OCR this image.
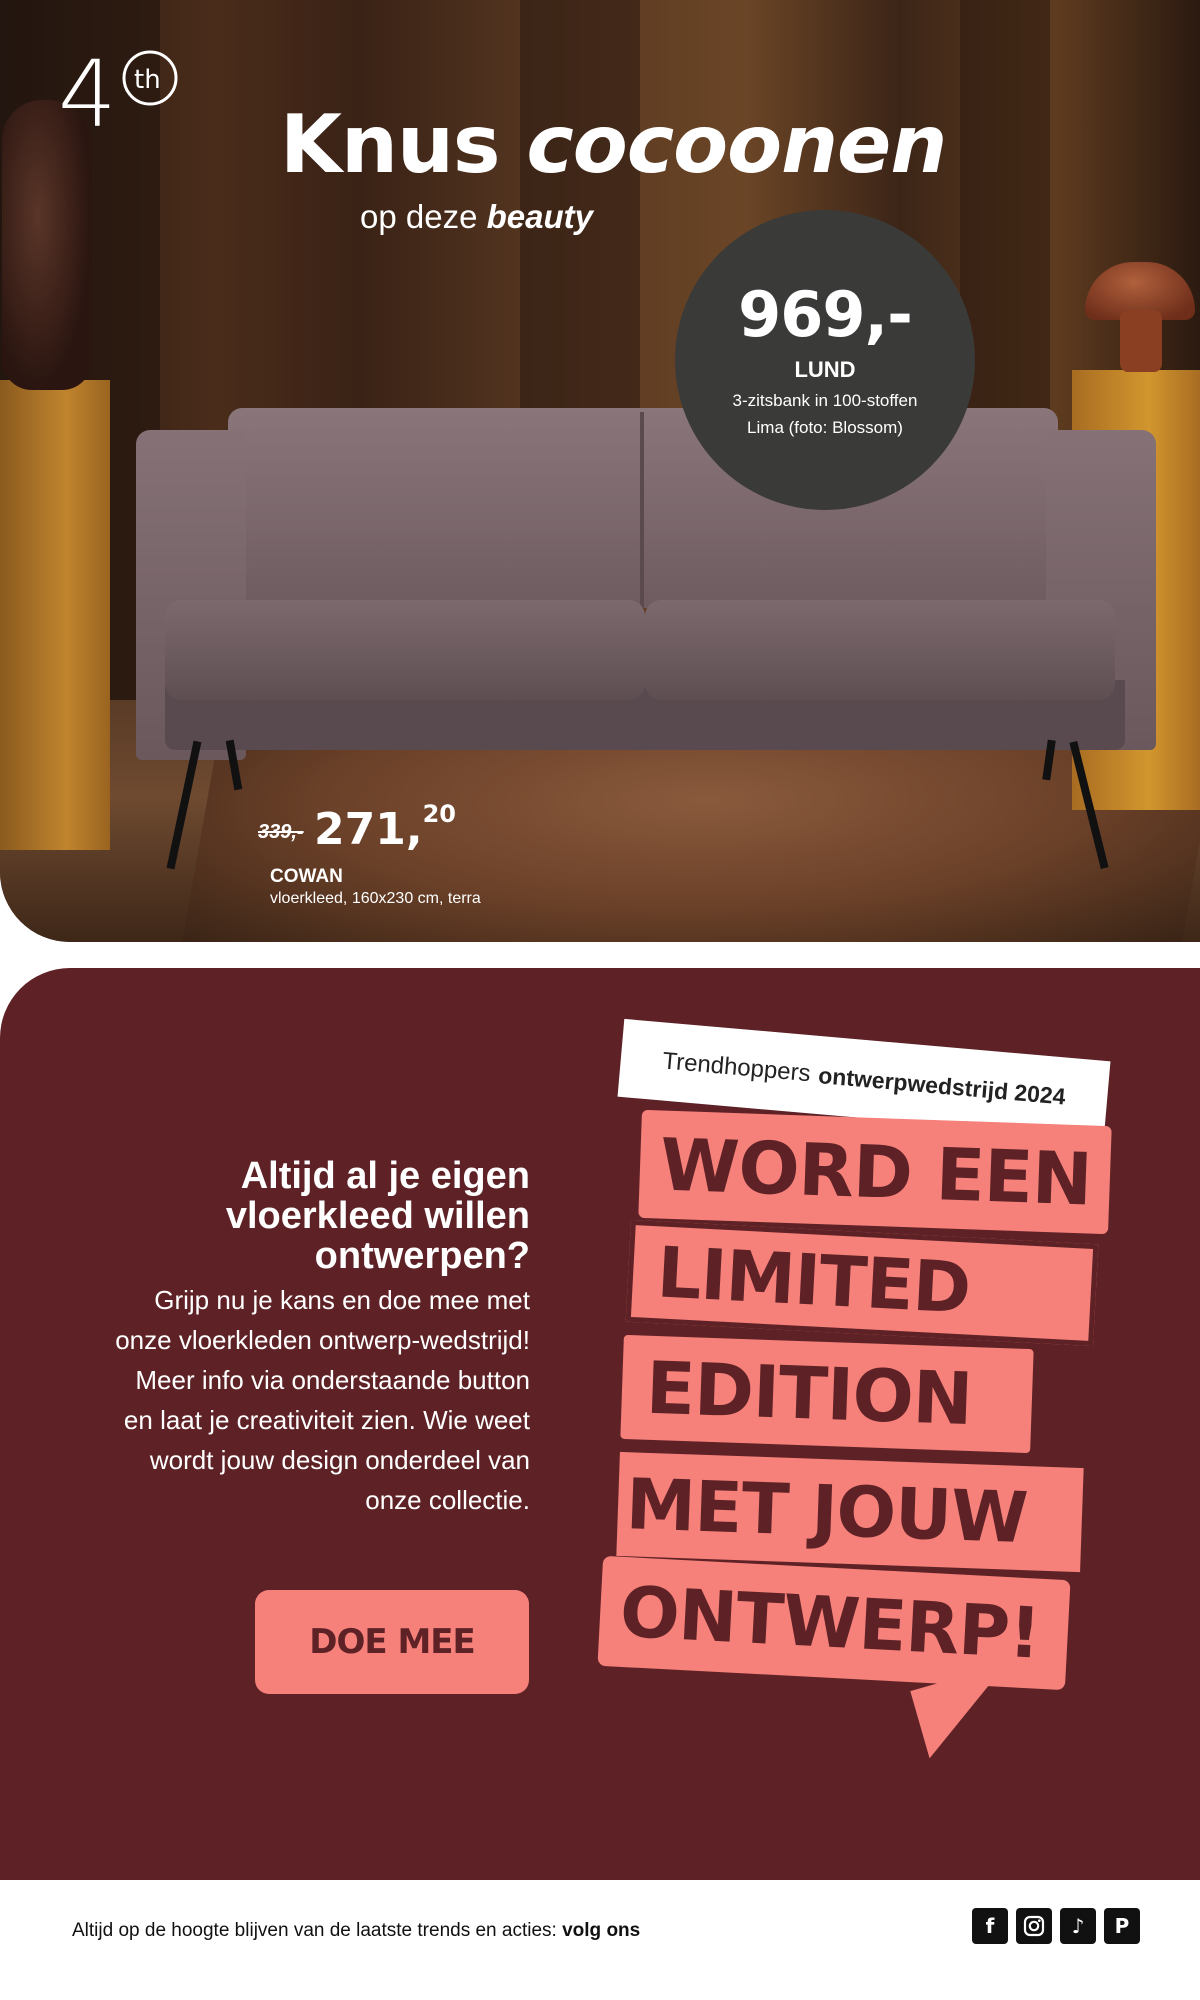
4 th
Knus cocoonen
op deze beauty
969,-
LUND
3-zitsbank in 100-stoffen
Lima (foto: Blossom)
339,- 271,20
COWAN
vloerkleed, 160x230 cm, terra
Altijd al je eigen vloerkleed willen ontwerpen?
Grijp nu je kans en doe mee met onze vloerkleden ontwerp-wedstrijd! Meer info via onderstaande button en laat je creativiteit zien. Wie weet wordt jouw design onderdeel van onze collectie.
DOE MEE
Trendhoppers ontwerpwedstrijd 2024
WORD EEN
LIMITED
EDITION
MET JOUW
ONTWERP!
Altijd op de hoogte blijven van de laatste trends en acties: volg ons	f	♪	P
